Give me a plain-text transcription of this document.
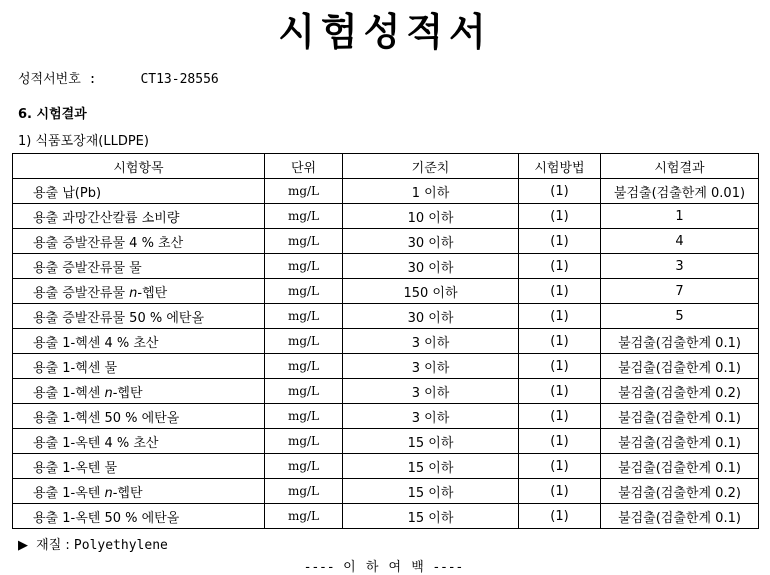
시험성적서
성적서번호 :	CT13-28556
6. 시험결과
1) 식품포장재(LLDPE)
시험항목	단위	기준치	시험방법	시험결과
용출 납(Pb)	mg/L	1 이하	(1)	불검출(검출한계 0.01)
용출 과망간산칼륨 소비량	mg/L	10 이하	(1)	1
용출 증발잔류물 4 % 초산	mg/L	30 이하	(1)	4
용출 증발잔류물 물	mg/L	30 이하	(1)	3
용출 증발잔류물 n-헵탄	mg/L	150 이하	(1)	7
용출 증발잔류물 50 % 에탄올	mg/L	30 이하	(1)	5
용출 1-헥센 4 % 초산	mg/L	3 이하	(1)	불검출(검출한계 0.1)
용출 1-헥센 물	mg/L	3 이하	(1)	불검출(검출한계 0.1)
용출 1-헥센 n-헵탄	mg/L	3 이하	(1)	불검출(검출한계 0.2)
용출 1-헥센 50 % 에탄올	mg/L	3 이하	(1)	불검출(검출한계 0.1)
용출 1-옥텐 4 % 초산	mg/L	15 이하	(1)	불검출(검출한계 0.1)
용출 1-옥텐 물	mg/L	15 이하	(1)	불검출(검출한계 0.1)
용출 1-옥텐 n-헵탄	mg/L	15 이하	(1)	불검출(검출한계 0.2)
용출 1-옥텐 50 % 에탄올	mg/L	15 이하	(1)	불검출(검출한계 0.1)
▶ 재질 : Polyethylene
---- 이 하 여 백 ----
